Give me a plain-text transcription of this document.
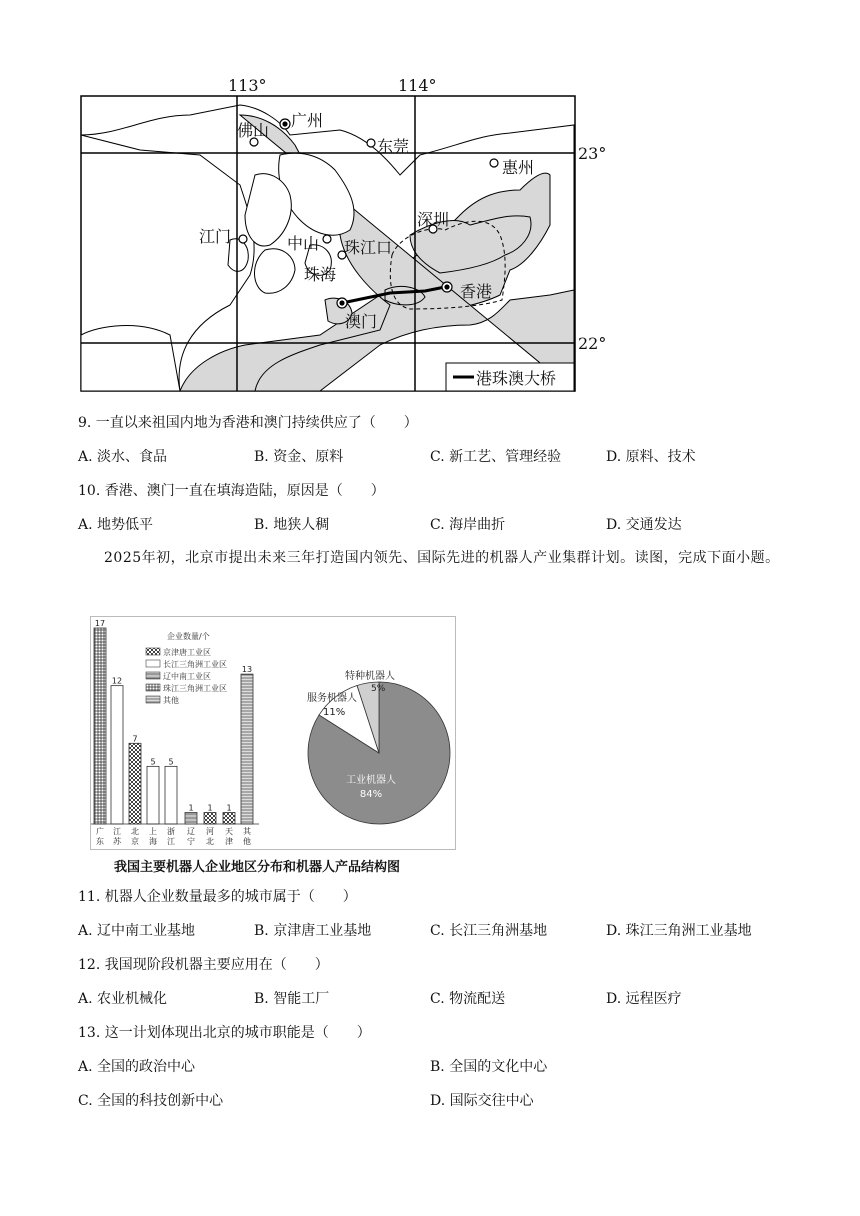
113°	114°
23°
22°
广州
佛山
东莞
惠州
深圳
江门	中山 珠江口
珠海
香港
澳门
港珠澳大桥
9. 一直以来祖国内地为香港和澳门持续供应了（　　）
A. 淡水、食品	B. 资金、原料	C. 新工艺、管理经验	D. 原料、技术
10. 香港、澳门一直在填海造陆，原因是（　　）
A. 地势低平	B. 地狭人稠	C. 海岸曲折	D. 交通发达
2025年初，北京市提出未来三年打造国内领先、国际先进的机器人产业集群计划。读图，完成下面小题。
17
广
东
12
江
苏
7
北
京
5
上
海
5
浙
江
1
辽
宁
1
河
北
1
天
津
13
其
他
企业数量/个
京津唐工业区
长江三角洲工业区
辽中南工业区
珠江三角洲工业区
其他
工业机器人
84%
服务机器人
11%
特种机器人
5%
我国主要机器人企业地区分布和机器人产品结构图
11. 机器人企业数量最多的城市属于（　　）
A. 辽中南工业基地	B. 京津唐工业基地	C. 长江三角洲基地	D. 珠江三角洲工业基地
12. 我国现阶段机器主要应用在（　　）
A. 农业机械化	B. 智能工厂	C. 物流配送	D. 远程医疗
13. 这一计划体现出北京的城市职能是（　　）
A. 全国的政治中心	B. 全国的文化中心
C. 全国的科技创新中心	D. 国际交往中心
